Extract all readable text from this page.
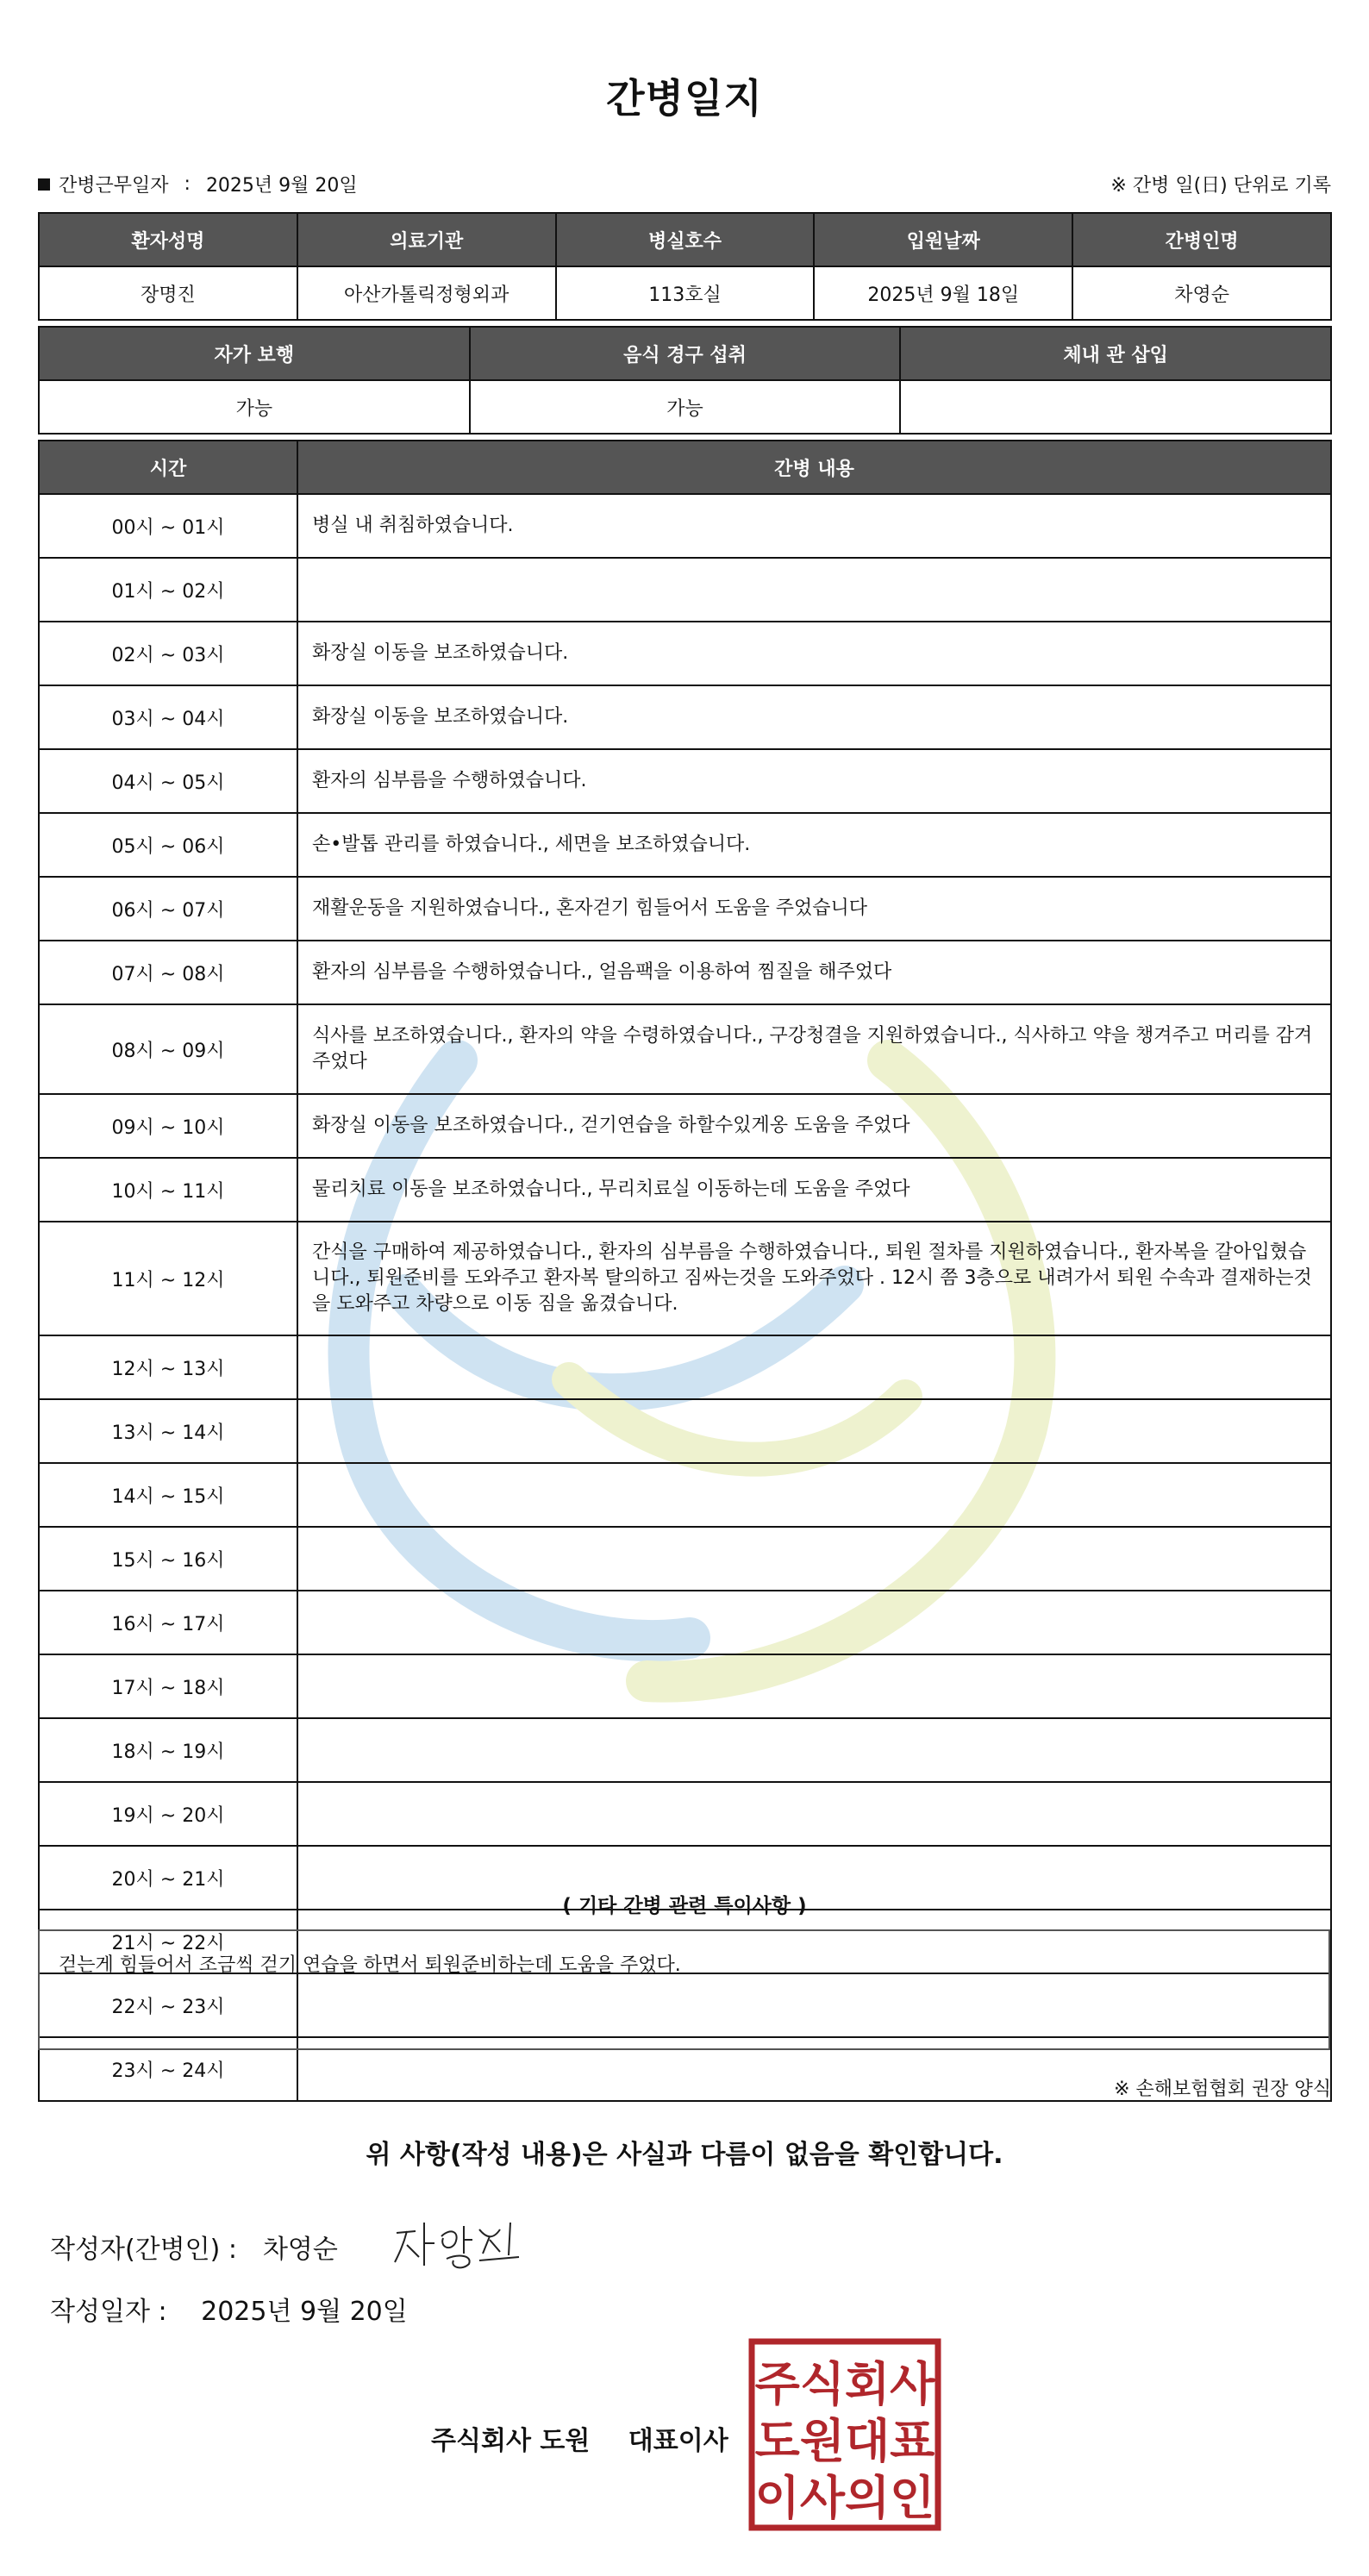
간병일지
간병근무일자 : 2025년 9월 20일	※ 간병 일(日) 단위로 기록
환자성명	의료기관	병실호수	입원날짜	간병인명
장명진	아산가톨릭정형외과	113호실	2025년 9월 18일	차영순
자가 보행	음식 경구 섭취	체내 관 삽입
가능	가능	
시간	간병 내용
00시 ~ 01시	병실 내 취침하였습니다.
01시 ~ 02시	
02시 ~ 03시	화장실 이동을 보조하였습니다.
03시 ~ 04시	화장실 이동을 보조하였습니다.
04시 ~ 05시	환자의 심부름을 수행하였습니다.
05시 ~ 06시	손•발톱 관리를 하였습니다., 세면을 보조하였습니다.
06시 ~ 07시	재활운동을 지원하였습니다., 혼자걷기 힘들어서 도움을 주었습니다
07시 ~ 08시	환자의 심부름을 수행하였습니다., 얼음팩을 이용하여 찜질을 해주었다
08시 ~ 09시	식사를 보조하였습니다., 환자의 약을 수령하였습니다., 구강청결을 지원하였습니다., 식사하고 약을 챙겨주고 머리를 감겨주었다
09시 ~ 10시	화장실 이동을 보조하였습니다., 걷기연습을 하할수있게옹 도움을 주었다
10시 ~ 11시	물리치료 이동을 보조하였습니다., 무리치료실 이동하는데 도움을 주었다
11시 ~ 12시	간식을 구매하여 제공하였습니다., 환자의 심부름을 수행하였습니다., 퇴원 절차를 지원하였습니다., 환자복을 갈아입혔습니다., 퇴원준비를 도와주고 환자복 탈의하고 짐싸는것을 도와주었다 . 12시 쯤 3층으로 내려가서 퇴원 수속과 결재하는것을 도와주고 차량으로 이동 짐을 옮겼습니다.
12시 ~ 13시	
13시 ~ 14시	
14시 ~ 15시	
15시 ~ 16시	
16시 ~ 17시	
17시 ~ 18시	
18시 ~ 19시	
19시 ~ 20시	
20시 ~ 21시	
21시 ~ 22시	
22시 ~ 23시	
23시 ~ 24시	
( 기타 간병 관련 특이사항 )
걷는게 힘들어서 조금씩 걷기 연습을 하면서 퇴원준비하는데 도움을 주었다.
※ 손해보험협회 권장 양식
위 사항(작성 내용)은 사실과 다름이 없음을 확인합니다.
작성자(간병인) : 차영순
작성일자 : 2025년 9월 20일
주식회사 도원 대표이사
주식회사
도원대표
이사의인
